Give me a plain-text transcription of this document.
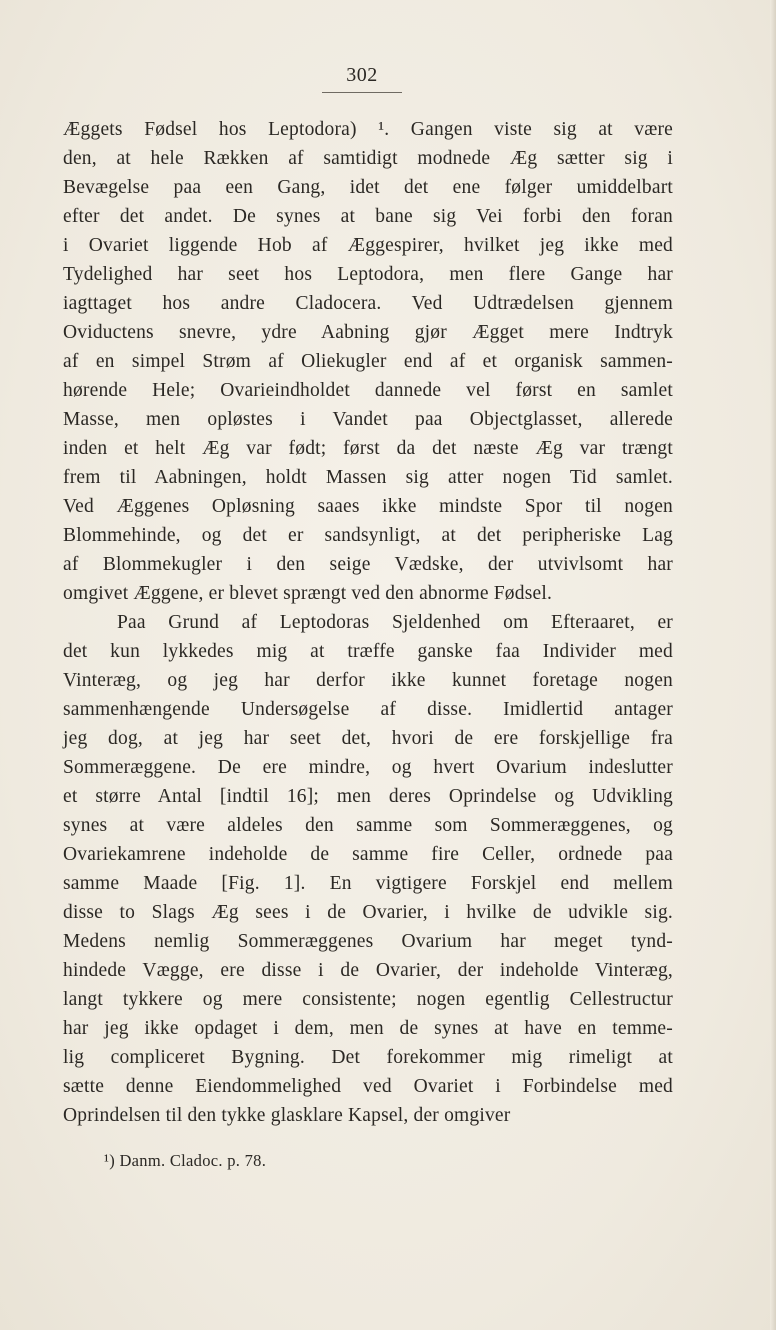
302
Æggets Fødsel hos Leptodora) ¹. Gangen viste sig at være
den, at hele Rækken af samtidigt modnede Æg sætter sig i
Bevægelse paa een Gang, idet det ene følger umiddelbart
efter det andet. De synes at bane sig Vei forbi den foran
i Ovariet liggende Hob af Æggespirer, hvilket jeg ikke med
Tydelighed har seet hos Leptodora, men flere Gange har
iagttaget hos andre Cladocera. Ved Udtrædelsen gjennem
Oviductens snevre, ydre Aabning gjør Ægget mere Indtryk
af en simpel Strøm af Oliekugler end af et organisk sammen-
hørende Hele; Ovarieindholdet dannede vel først en samlet
Masse, men opløstes i Vandet paa Objectglasset, allerede
inden et helt Æg var født; først da det næste Æg var trængt
frem til Aabningen, holdt Massen sig atter nogen Tid samlet.
Ved Æggenes Opløsning saaes ikke mindste Spor til nogen
Blommehinde, og det er sandsynligt, at det peripheriske Lag
af Blommekugler i den seige Vædske, der utvivlsomt har
omgivet Æggene, er blevet sprængt ved den abnorme Fødsel.
Paa Grund af Leptodoras Sjeldenhed om Efteraaret, er
det kun lykkedes mig at træffe ganske faa Individer med
Vinteræg, og jeg har derfor ikke kunnet foretage nogen
sammenhængende Undersøgelse af disse. Imidlertid antager
jeg dog, at jeg har seet det, hvori de ere forskjellige fra
Sommeræggene. De ere mindre, og hvert Ovarium indeslutter
et større Antal [indtil 16]; men deres Oprindelse og Udvikling
synes at være aldeles den samme som Sommeræggenes, og
Ovariekamrene indeholde de samme fire Celler, ordnede paa
samme Maade [Fig. 1]. En vigtigere Forskjel end mellem
disse to Slags Æg sees i de Ovarier, i hvilke de udvikle sig.
Medens nemlig Sommeræggenes Ovarium har meget tynd-
hindede Vægge, ere disse i de Ovarier, der indeholde Vinteræg,
langt tykkere og mere consistente; nogen egentlig Cellestructur
har jeg ikke opdaget i dem, men de synes at have en temme-
lig compliceret Bygning. Det forekommer mig rimeligt at
sætte denne Eiendommelighed ved Ovariet i Forbindelse med
Oprindelsen til den tykke glasklare Kapsel, der omgiver
¹) Danm. Cladoc. p. 78.
